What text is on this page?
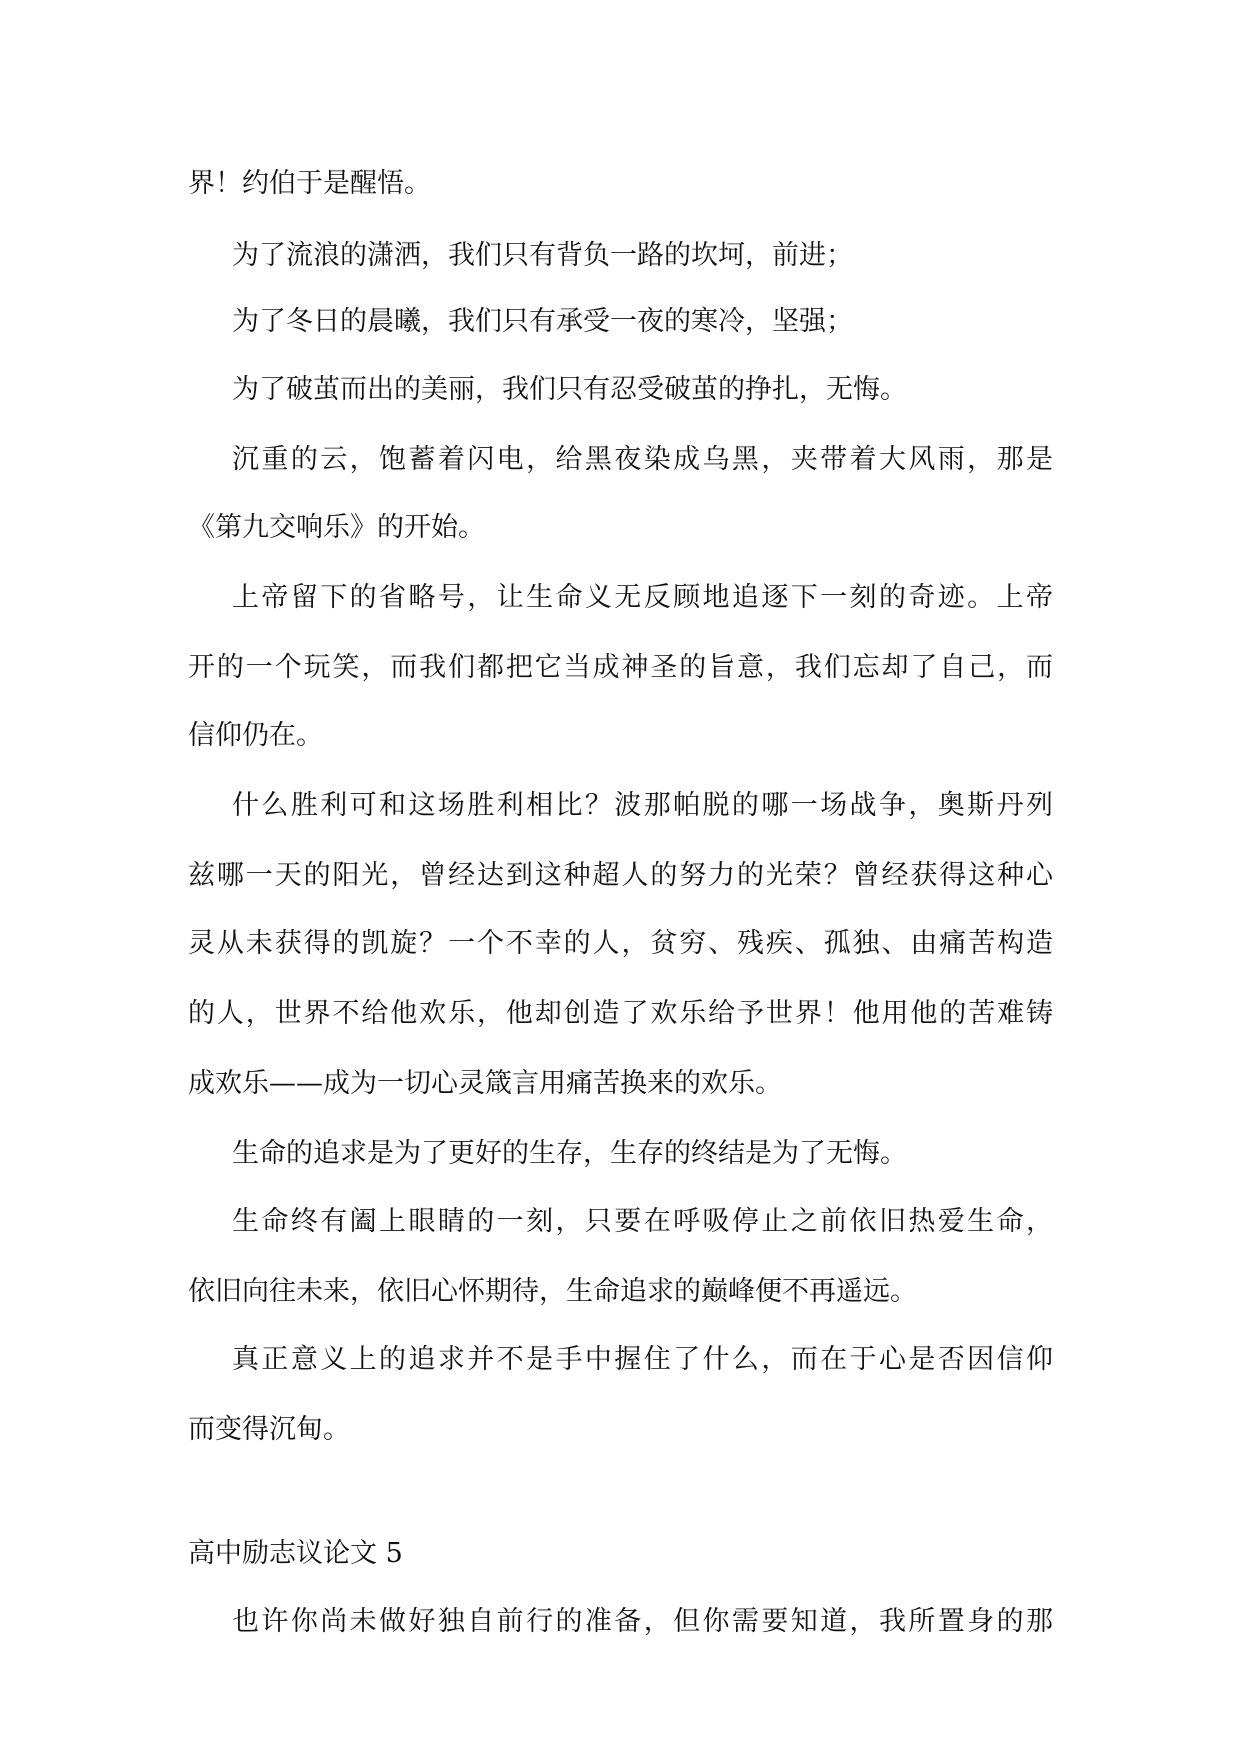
界！约伯于是醒悟。

为了流浪的潇洒，我们只有背负一路的坎坷，前进；

为了冬日的晨曦，我们只有承受一夜的寒冷，坚强；

为了破茧而出的美丽，我们只有忍受破茧的挣扎，无悔。

沉重的云，饱蓄着闪电，给黑夜染成乌黑，夹带着大风雨，那是

《第九交响乐》的开始。

上帝留下的省略号，让生命义无反顾地追逐下一刻的奇迹。上帝

开的一个玩笑，而我们都把它当成神圣的旨意，我们忘却了自己，而

信仰仍在。

什么胜利可和这场胜利相比？波那帕脱的哪一场战争，奥斯丹列

兹哪一天的阳光，曾经达到这种超人的努力的光荣？曾经获得这种心

灵从未获得的凯旋？一个不幸的人，贫穷、残疾、孤独、由痛苦构造

的人，世界不给他欢乐，他却创造了欢乐给予世界！他用他的苦难铸

成欢乐——成为一切心灵箴言用痛苦换来的欢乐。

生命的追求是为了更好的生存，生存的终结是为了无悔。

生命终有阖上眼睛的一刻，只要在呼吸停止之前依旧热爱生命，

依旧向往未来，依旧心怀期待，生命追求的巅峰便不再遥远。

真正意义上的追求并不是手中握住了什么，而在于心是否因信仰

而变得沉甸。

高中励志议论文 5

也许你尚未做好独自前行的准备，但你需要知道，我所置身的那
